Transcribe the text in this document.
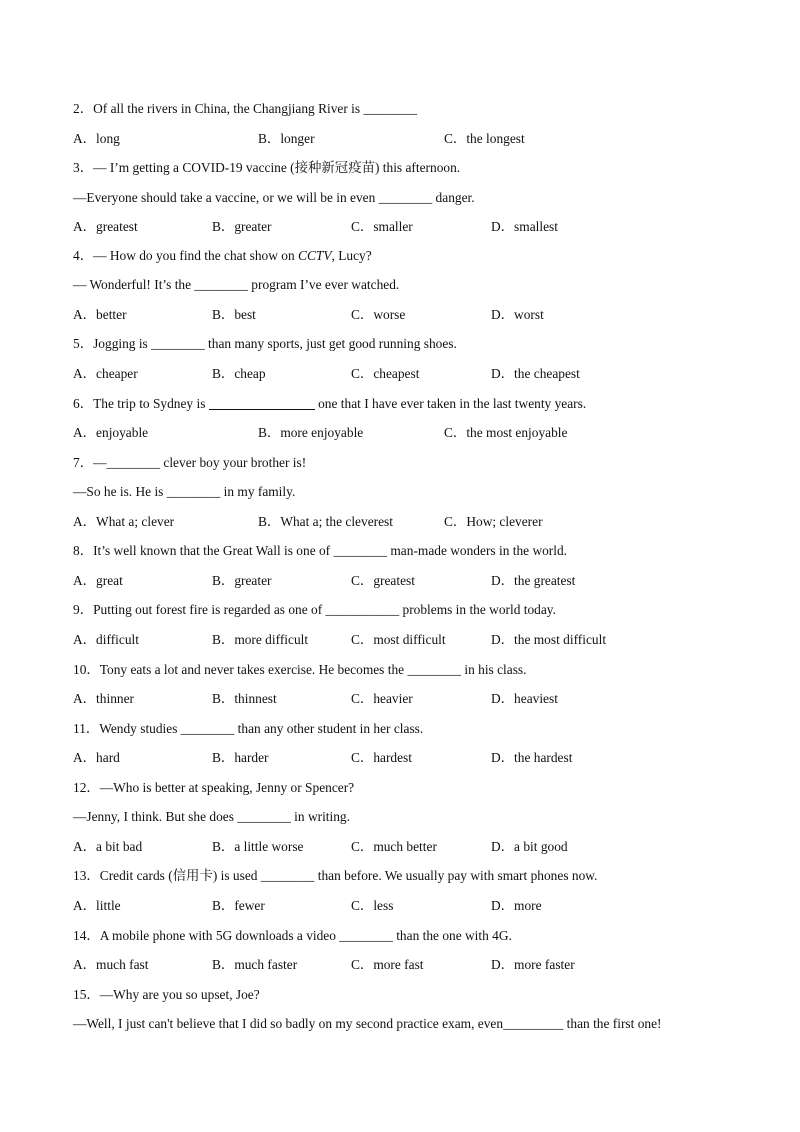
2．Of all the rivers in China, the Changjiang River is ________
A．long	B．longer	C．the longest
3．— I’m getting a COVID-19 vaccine (接种新冠疫苗) this afternoon.
—Everyone should take a vaccine, or we will be in even ________ danger.
A．greatest	B．greater	C．smaller	D．smallest
4．— How do you find the chat show on CCTV, Lucy?
— Wonderful! It’s the ________ program I’ve ever watched.
A．better	B．best	C．worse	D．worst
5．Jogging is ________ than many sports, just get good running shoes.
A．cheaper	B．cheap	C．cheapest	D．the cheapest
6．The trip to Sydney is	one that I have ever taken in the last twenty years.
A．enjoyable	B．more enjoyable	C．the most enjoyable
7．—________ clever boy your brother is!
—So he is. He is ________ in my family.
A．What a; clever	B．What a; the cleverest	C．How; cleverer
8．It’s well known that the Great Wall is one of ________ man-made wonders in the world.
A．great	B．greater	C．greatest	D．the greatest
9．Putting out forest fire is regarded as one of ___________ problems in the world today.
A．difficult	B．more difficult	C．most difficult	D．the most difficult
10．Tony eats a lot and never takes exercise. He becomes the ________ in his class.
A．thinner	B．thinnest	C．heavier	D．heaviest
11．Wendy studies ________ than any other student in her class.
A．hard	B．harder	C．hardest	D．the hardest
12．—Who is better at speaking, Jenny or Spencer?
—Jenny, I think. But she does ________ in writing.
A．a bit bad	B．a little worse	C．much better	D．a bit good
13．Credit cards (信用卡) is used ________ than before. We usually pay with smart phones now.
A．little	B．fewer	C．less	D．more
14．A mobile phone with 5G downloads a video ________ than the one with 4G.
A．much fast	B．much faster	C．more fast	D．more faster
15．—Why are you so upset, Joe?
—Well, I just can't believe that I did so badly on my second practice exam, even_________ than the first one!
